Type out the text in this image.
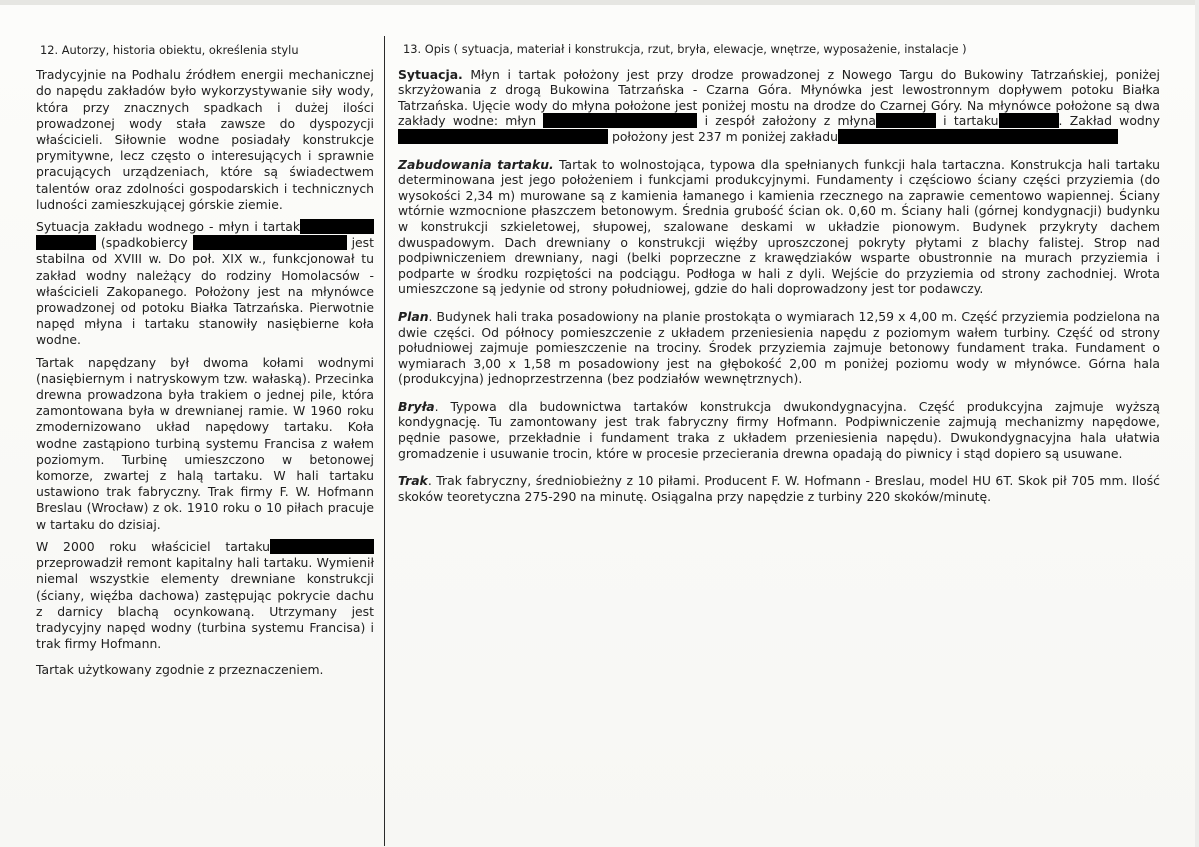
12. Autorzy, historia obiektu, określenia stylu

Tradycyjnie na Podhalu źródłem energii mechanicznej do napędu zakładów było wykorzystywanie siły wody, która przy znacznych spadkach i dużej ilości prowadzonej wody stała zawsze do dyspozycji właścicieli. Siłownie wodne posiadały konstrukcje prymitywne, lecz często o interesujących i sprawnie pracujących urządzeniach, które są świadectwem talentów oraz zdolności gospodarskich i technicznych ludności zamieszkującej górskie ziemie.

Sytuacja zakładu wodnego - młyn i tartak  (spadkobiercy	jest stabilna od XVIII w. Do poł. XIX w., funkcjonował tu zakład wodny należący do rodziny Homolacsów - właścicieli Zakopanego. Położony jest na młynówce prowadzonej od potoku Białka Tatrzańska. Pierwotnie napęd młyna i tartaku stanowiły nasiębierne koła wodne.

Tartak napędzany był dwoma kołami wodnymi (nasiębiernym i natryskowym tzw. wałaską). Przecinka drewna prowadzona była trakiem o jednej pile, która zamontowana była w drewnianej ramie. W 1960 roku zmodernizowano układ napędowy tartaku. Koła wodne zastąpiono turbiną systemu Francisa z wałem poziomym. Turbinę umieszczono w betonowej komorze, zwartej z halą tartaku. W hali tartaku ustawiono trak fabryczny. Trak firmy F. W. Hofmann Breslau (Wrocław) z ok. 1910 roku o 10 piłach pracuje w tartaku do dzisiaj.

W 2000 roku właściciel tartaku przeprowadził remont kapitalny hali tartaku. Wymienił niemal wszystkie elementy drewniane konstrukcji (ściany, więźba dachowa) zastępując pokrycie dachu z darnicy blachą ocynkowaną. Utrzymany jest tradycyjny napęd wodny (turbina systemu Francisa) i trak firmy Hofmann.

Tartak użytkowany zgodnie z przeznaczeniem.

13. Opis ( sytuacja, materiał i konstrukcja, rzut, bryła, elewacje, wnętrze, wyposażenie, instalacje )

Sytuacja. Młyn i tartak położony jest przy drodze prowadzonej z Nowego Targu do Bukowiny Tatrzańskiej, poniżej skrzyżowania z drogą Bukowina Tatrzańska - Czarna Góra. Młynówka jest lewostronnym dopływem potoku Białka Tatrzańska. Ujęcie wody do młyna położone jest poniżej mostu na drodze do Czarnej Góry. Na młynówce położone są dwa zakłady wodne: młyn	i zespół założony z młyna	i tartaku	. Zakład wodny  położony jest 237 m poniżej zakładu

Zabudowania tartaku. Tartak to wolnostojąca, typowa dla spełnianych funkcji hala tartaczna. Konstrukcja hali tartaku determinowana jest jego położeniem i funkcjami produkcyjnymi. Fundamenty i częściowo ściany części przyziemia (do wysokości 2,34 m) murowane są z kamienia łamanego i kamienia rzecznego na zaprawie cementowo wapiennej. Ściany wtórnie wzmocnione płaszczem betonowym. Średnia grubość ścian ok. 0,60 m. Ściany hali (górnej kondygnacji) budynku w konstrukcji szkieletowej, słupowej, szalowane deskami w układzie pionowym. Budynek przykryty dachem dwuspadowym. Dach drewniany o konstrukcji więźby uproszczonej pokryty płytami z blachy falistej. Strop nad podpiwniczeniem drewniany, nagi (belki poprzeczne z krawędziaków wsparte obustronnie na murach przyziemia i podparte w środku rozpiętości na podciągu. Podłoga w hali z dyli. Wejście do przyziemia od strony zachodniej. Wrota umieszczone są jedynie od strony południowej, gdzie do hali doprowadzony jest tor podawczy.

Plan. Budynek hali traka posadowiony na planie prostokąta o wymiarach 12,59 x 4,00 m. Część przyziemia podzielona na dwie części. Od północy pomieszczenie z układem przeniesienia napędu z poziomym wałem turbiny. Część od strony południowej zajmuje pomieszczenie na trociny. Środek przyziemia zajmuje betonowy fundament traka. Fundament o wymiarach 3,00 x 1,58 m posadowiony jest na głębokość 2,00 m poniżej poziomu wody w młynówce. Górna hala (produkcyjna) jednoprzestrzenna (bez podziałów wewnętrznych).

Bryła. Typowa dla budownictwa tartaków konstrukcja dwukondygnacyjna. Część produkcyjna zajmuje wyższą kondygnację. Tu zamontowany jest trak fabryczny firmy Hofmann. Podpiwniczenie zajmują mechanizmy napędowe, pędnie pasowe, przekładnie i fundament traka z układem przeniesienia napędu). Dwukondygnacyjna hala ułatwia gromadzenie i usuwanie trocin, które w procesie przecierania drewna opadają do piwnicy i stąd dopiero są usuwane.

Trak. Trak fabryczny, średniobieżny z 10 piłami. Producent F. W. Hofmann - Breslau, model HU 6T. Skok pił 705 mm. Ilość skoków teoretyczna 275-290 na minutę. Osiągalna przy napędzie z turbiny 220 skoków/minutę.
